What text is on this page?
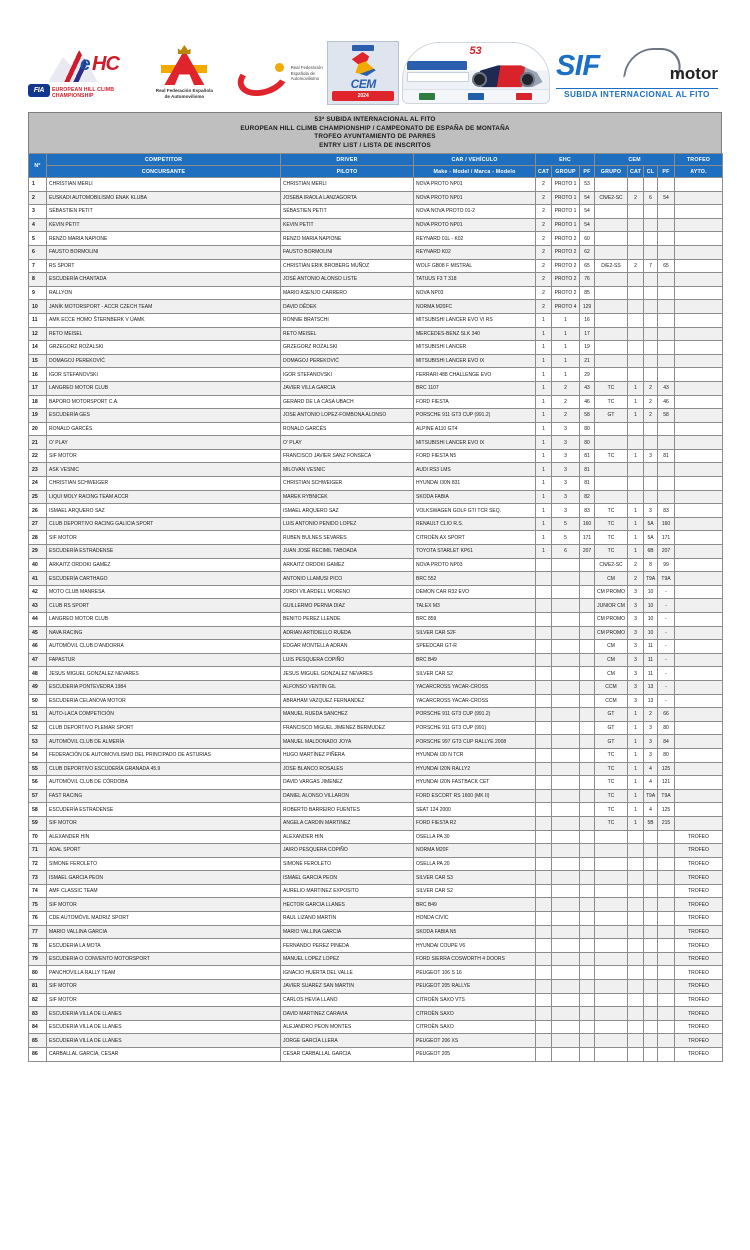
FIA
e HC
EUROPEAN HILL CLIMB
CHAMPIONSHIP
Real Federación Española
de Automovilismo
Real Federación
Española de
Automovilismo	CEM
2024
53	SIF	motor
SUBIDA INTERNACIONAL AL FITO
53ª SUBIDA INTERNACIONAL AL FITO
EUROPEAN HILL CLIMB CHAMPIONSHIP / CAMPEONATO DE ESPAÑA DE MONTAÑA
TROFEO AYUNTAMIENTO DE PARRES
ENTRY LIST / LISTA DE INSCRITOS
Nº	COMPETITOR	DRIVER	CAR / VEHÍCULO	EHC			CEM				TROFEO
	CONCURSANTE	PILOTO	Make - Model / Marca - Modelo	CAT	GROUP	PF	GRUPO	CAT	CL	PF	AYTO.
1	CHRISTIAN MERLI	CHRISTIAN MERLI	NOVA PROTO NP01	2	PROTO 1	53					
2	EUSKADI AUTOMOBILISMO ENAK KLUBA	JOSEBA IRAOLA LANZAGORTA	NOVA PROTO NP01	2	PROTO 1	54	CN/E2-SC	2	6	54	
3	SÉBASTIEN PETIT	SÉBASTIEN PETIT	NOVA NOVA PROTO 01-2	2	PROTO 1	54					
4	KEVIN PETIT	KEVIN PETIT	NOVA PROTO NP01	2	PROTO 1	54					
5	RENZO MARIA NAPIONE	RENZO MARIA NAPIONE	REYNARD 01L - K02	2	PROTO 2	60					
6	FAUSTO BORMOLINI	FAUSTO BORMOLINI	REYNARD K02	2	PROTO 2	62					
7	RS SPORT	CHRISTIAN ERIK BROBERG MUÑOZ	WOLF GB08 F MISTRAL	2	PROTO 2	65	D/E2-SS	2	7	65	
8	ESCUDERÍA CHANTADA	JOSÉ ANTONIO ALONSO LISTE	TATUUS F3 T 318	2	PROTO 2	76					
9	RALLYON	MARIO ASENJO CARRERO	NOVA NP03	2	PROTO 2	85					
10	JANÍK MOTORSPORT - ACCR CZECH TEAM	DAVID DĚDEK	NORMA M20FC	2	PROTO 4	129					
11	AMK ECCE HOMO ŠTERNBERK V ÚAMK	RONNIE BRATSCHI	MITSUBISHI LANCER EVO VI RS	1	1	16					
12	RETO MEISEL	RETO MEISEL	MERCEDES-BENZ SLK 340	1	1	17					
14	GRZEGORZ ROŻALSKI	GRZEGORZ ROŻALSKI	MITSUBISHI LANCER	1	1	19					
15	DOMAGOJ PEREKOVIĆ	DOMAGOJ PEREKOVIĆ	MITSUBISHI LANCER EVO IX	1	1	21					
16	IGOR STEFANOVSKI	IGOR STEFANOVSKI	FERRARI 488 CHALLENGE EVO	1	1	29					
17	LANGREO MOTOR CLUB	JAVIER VILLA GARCIA	BRC 1107	1	2	43	TC	1	2	43	
18	BAPORO MOTORSPORT C.A.	GERARD DE LA CASA UBACH	FORD FIESTA	1	2	46	TC	1	2	46	
19	ESCUDERÍA GES	JOSE ANTONIO LOPEZ-FOMBONA ALONSO	PORSCHE 911 GT3 CUP (991.2)	1	2	58	GT	1	2	58	
20	RONALD GARCÉS	RONALD GARCÉS	ALPINE A110 GT4	1	3	80					
21	O' PLAY	O' PLAY	MITSUBISHI LANCER EVO IX	1	3	80					
22	SIF MOTOR	FRANCISCO JAVIER SANZ FONSECA	FORD FIESTA N5	1	3	81	TC	1	3	81	
23	ASK VESNIC	MILOVAN VESNIC	AUDI RS3 LMS	1	3	81					
24	CHRISTIAN SCHWEIGER	CHRISTIAN SCHWEIGER	HYUNDAI I30N 831	1	3	81					
25	LIQUI MOLY RACING TEAM ACCR	MAREK RYBNICEK	SKODA FABIA	1	3	82					
26	ISMAEL ARQUERO SAZ	ISMAEL ARQUERO SAZ	VOLKSWAGEN GOLF GTI TCR SEQ.	1	3	83	TC	1	3	83	
27	CLUB DEPORTIVO RACING GALICIA SPORT	LUIS ANTONIO PENIDO LOPEZ	RENAULT CLIO R.S.	1	5	160	TC	1	5A	160	
28	SIF MOTOR	RUBEN BULNES SEVARES	CITROËN AX SPORT	1	5	171	TC	1	5A	171	
29	ESCUDERÍA ESTRADENSE	JUAN JOSÉ RECIMIL TABOADA	TOYOTA STARLET KP61	1	6	207	TC	1	6B	207	
40	ARKAITZ ORDOKI GAMEZ	ARKAITZ ORDOKI GAMEZ	NOVA PROTO NP03				CN/E2-SC	2	8	99	
41	ESCUDERÍA CARTHAGO	ANTONIO LLAMUSI PICO	BRC 552				CM	2	T9A	T9A	
42	MOTO CLUB MANRESA	JORDI VILARDELL MORENO	DEMON CAR R32 EVO				CM PROMO	3	10	-	
43	CLUB RS SPORT	GUILLERMO PERNIA DIAZ	TALEX M3				JUNIOR CM	3	10	-	
44	LANGREO MOTOR CLUB	BENITO PEREZ LLENDE	BRC 859				CM PROMO	3	10	-	
45	NAVA RACING	ADRIAN ARTIDIELLO RUEDA	SILVER CAR S2F				CM PROMO	3	10	-	
46	AUTOMÒVIL CLUB D'ANDORRA	EDGAR MONTELLA ADRAN	SPEEDCAR GT-R				CM	3	11	-	
47	FAPASTUR	LUIS PESQUERA COPIÑO	BRC B49				CM	3	11	-	
48	JESUS MIGUEL GONZALEZ NEVARES	JESUS MIGUEL GONZALEZ NEVARES	SILVER CAR S2				CM	3	11	-	
49	ESCUDERIA PONTEVEDRA 1984	ALFONSO VENTIN GIL	YACARCROSS YACAR-CROSS				CCM	3	13	-	
50	ESCUDERIA CELANOVA MOTOR	ABRAHAM VAZQUEZ FERNANDEZ	YACARCROSS YACAR-CROSS				CCM	3	13	-	
51	AUTO-LACA COMPETICIÓN	MANUEL RUEDA SANCHEZ	PORSCHE 911 GT3 CUP (991.2)				GT	1	2	66	
52	CLUB DEPORTIVO PLEMAR SPORT	FRANCISCO MIGUEL JIMENEZ BERMUDEZ	PORSCHE 911 GT3 CUP (991)				GT	1	3	80	
53	AUTOMÓVIL CLUB DE ALMERÍA	MANUEL MALDONADO JOYA	PORSCHE 997 GT3 CUP RALLYE 2008				GT	1	3	84	
54	FEDERACIÓN DE AUTOMOVILISMO DEL PRINCIPADO DE ASTURIAS	HUGO MARTÍNEZ PIÑERA	HYUNDAI I30 N TCR				TC	1	3	80	
55	CLUB DEPORTIVO ESCUDERÍA GRANADA 45.9	JOSE BLANCO ROSALES	HYUNDAI I20N RALLY2				TC	1	4	125	
56	AUTOMÓVIL CLUB DE CÓRDOBA	DAVID VARGAS JIMENEZ	HYUNDAI I20N FASTBACK CET				TC	1	4	121	
57	FAST RACING	DANIEL ALONSO VILLARON	FORD ESCORT RS 1600 (MK II)				TC	1	T9A	T9A	
58	ESCUDERÍA ESTRADENSE	ROBERTO BARREIRO FUENTES	SEAT 124 2000				TC	1	4	125	
59	SIF MOTOR	ANGELA CARDIN MARTINEZ	FORD FIESTA R2				TC	1	5B	215	
70	ALEXANDER HIN	ALEXANDER HIN	OSELLA PA 30								TROFEO
71	ADAL SPORT	JAIRO PESQUERA COPIÑO	NORMA M20F								TROFEO
72	SIMONE FEROLETO	SIMONE FEROLETO	OSELLA PA 20								TROFEO
73	ISMAEL GARCIA PEON	ISMAEL GARCIA PEON	SILVER CAR S3								TROFEO
74	AMF CLASSIC TEAM	AURELIO MARTINEZ EXPOSITO	SILVER CAR S2								TROFEO
75	SIF MOTOR	HECTOR GARCIA LLANES	BRC B49								TROFEO
76	CDE AUTOMÓVIL MADRIZ SPORT	RAUL LIZANO MARTIN	HONDA CIVIC								TROFEO
77	MARIO VALLINA GARCIA	MARIO VALLINA GARCIA	SKODA FABIA N5								TROFEO
78	ESCUDERIA LA MOTA	FERNANDO PEREZ PINEDA	HYUNDAI COUPE V6								TROFEO
79	ESCUDERIA O CONVENTO MOTORSPORT	MANUEL LOPEZ LOPEZ	FORD SIERRA COSWORTH 4 DOORS								TROFEO
80	PANCHOVILLA RALLY TEAM	IGNACIO HUERTA DEL VALLE	PEUGEOT 106 S 16								TROFEO
81	SIF MOTOR	JAVIER SUAREZ SAN MARTIN	PEUGEOT 205 RALLYE								TROFEO
82	SIF MOTOR	CARLOS HEVIA LLANO	CITROËN SAXO VTS								TROFEO
83	ESCUDERIA VILLA DE LLANES	DAVID MARTINEZ CARAVIA	CITROËN SAXO								TROFEO
84	ESCUDERIA VILLA DE LLANES	ALEJANDRO PEON MONTES	CITROËN SAXO								TROFEO
85	ESCUDERIA VILLA DE LLANES	JORGE GARCÍA LLERA	PEUGEOT 206 XS								TROFEO
86	CARBALLAL GARCIA, CESAR	CESAR CARBALLAL GARCIA	PEUGEOT 205								TROFEO
